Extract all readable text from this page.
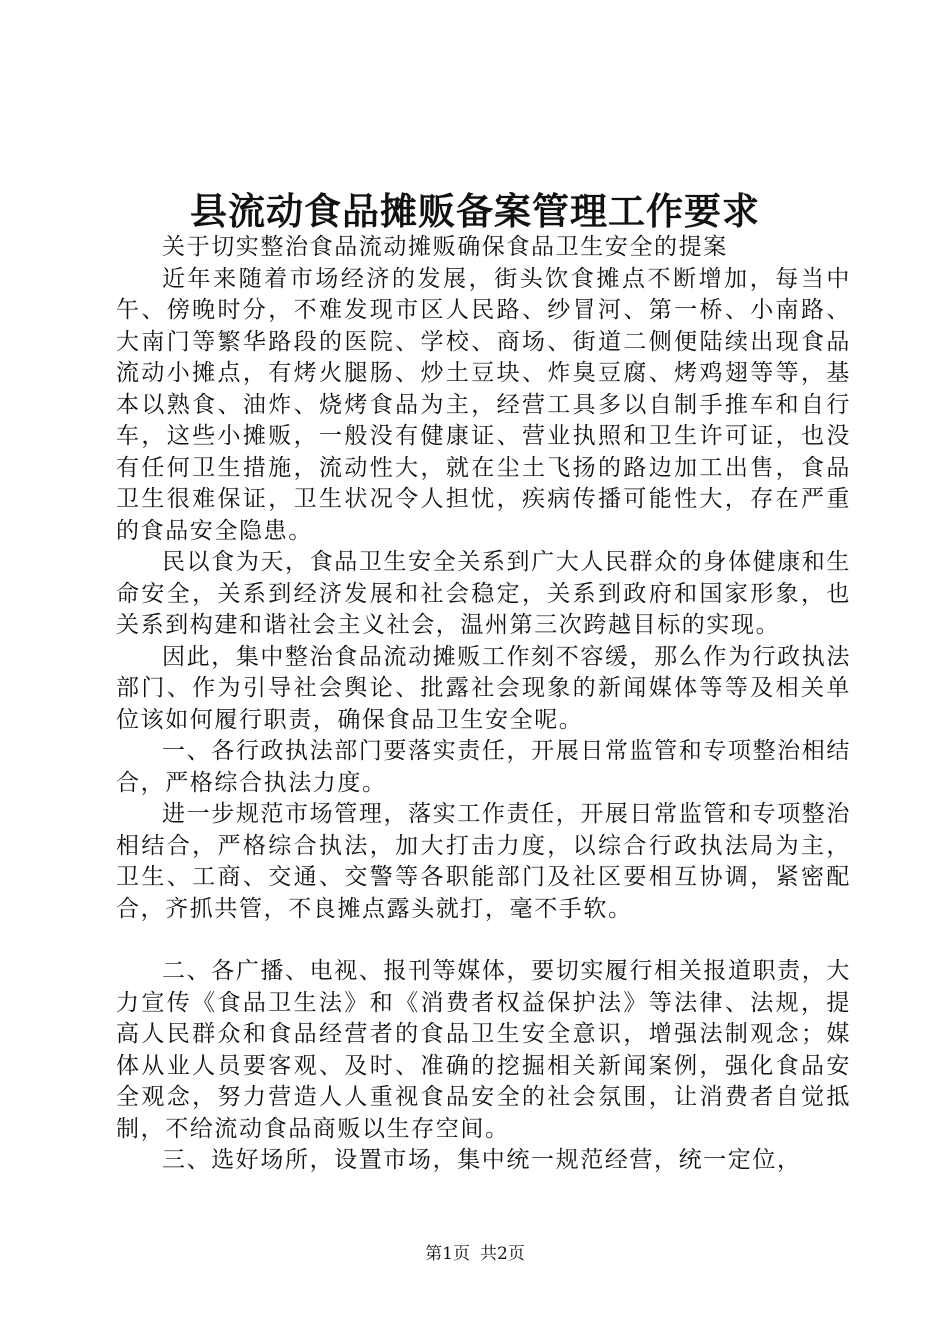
县流动食品摊贩备案管理工作要求

关于切实整治食品流动摊贩确保食品卫生安全的提案

近年来随着市场经济的发展，街头饮食摊点不断增加，每当中午、傍晚时分，不难发现市区人民路、纱冒河、第一桥、小南路、大南门等繁华路段的医院、学校、商场、街道二侧便陆续出现食品流动小摊点，有烤火腿肠、炒土豆块、炸臭豆腐、烤鸡翅等等，基本以熟食、油炸、烧烤食品为主，经营工具多以自制手推车和自行车，这些小摊贩，一般没有健康证、营业执照和卫生许可证，也没有任何卫生措施，流动性大，就在尘土飞扬的路边加工出售，食品卫生很难保证，卫生状况令人担忧，疾病传播可能性大，存在严重的食品安全隐患。

民以食为天，食品卫生安全关系到广大人民群众的身体健康和生命安全，关系到经济发展和社会稳定，关系到政府和国家形象，也关系到构建和谐社会主义社会，温州第三次跨越目标的实现。

因此，集中整治食品流动摊贩工作刻不容缓，那么作为行政执法部门、作为引导社会舆论、批露社会现象的新闻媒体等等及相关单位该如何履行职责，确保食品卫生安全呢。

一、各行政执法部门要落实责任，开展日常监管和专项整治相结合，严格综合执法力度。

进一步规范市场管理，落实工作责任，开展日常监管和专项整治相结合，严格综合执法，加大打击力度，以综合行政执法局为主，卫生、工商、交通、交警等各职能部门及社区要相互协调，紧密配合，齐抓共管，不良摊点露头就打，毫不手软。

二、各广播、电视、报刊等媒体，要切实履行相关报道职责，大力宣传《食品卫生法》和《消费者权益保护法》等法律、法规，提高人民群众和食品经营者的食品卫生安全意识，增强法制观念；媒体从业人员要客观、及时、准确的挖掘相关新闻案例，强化食品安全观念，努力营造人人重视食品安全的社会氛围，让消费者自觉抵制，不给流动食品商贩以生存空间。

三、选好场所，设置市场，集中统一规范经营，统一定位，

第1页 共2页
